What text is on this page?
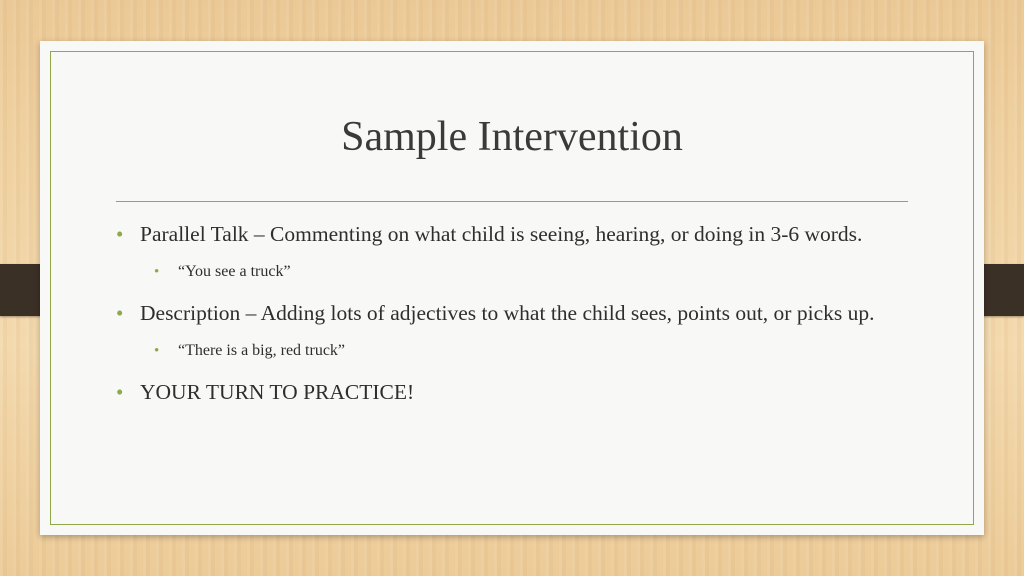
Sample Intervention
• Parallel Talk – Commenting on what child is seeing, hearing, or doing in 3-6 words.
• “You see a truck”
• Description – Adding lots of adjectives to what the child sees, points out, or picks up.
• “There is a big, red truck”
• YOUR TURN TO PRACTICE!
